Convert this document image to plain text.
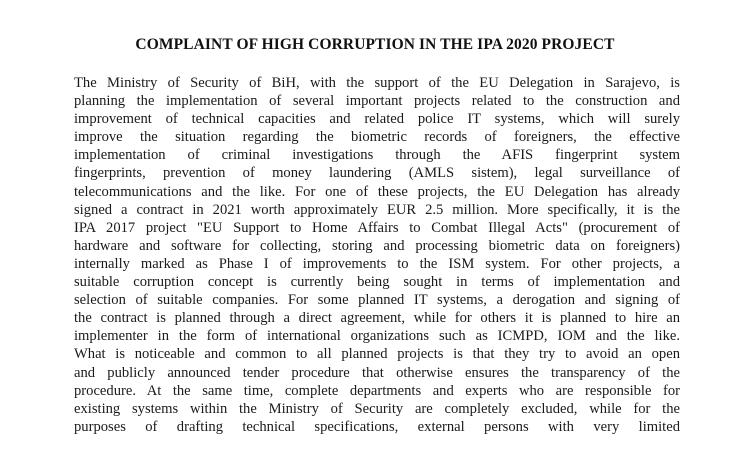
COMPLAINT OF HIGH CORRUPTION IN THE IPA 2020 PROJECT
The Ministry of Security of BiH, with the support of the EU Delegation in Sarajevo, is
planning the implementation of several important projects related to the construction and
improvement of technical capacities and related police IT systems, which will surely
improve the situation regarding the biometric records of foreigners, the effective
implementation of criminal investigations through the AFIS fingerprint system
fingerprints, prevention of money laundering (AMLS sistem), legal surveillance of
telecommunications and the like. For one of these projects, the EU Delegation has already
signed a contract in 2021 worth approximately EUR 2.5 million. More specifically, it is the
IPA 2017 project "EU Support to Home Affairs to Combat Illegal Acts" (procurement of
hardware and software for collecting, storing and processing biometric data on foreigners)
internally marked as Phase I of improvements to the ISM system. For other projects, a
suitable corruption concept is currently being sought in terms of implementation and
selection of suitable companies. For some planned IT systems, a derogation and signing of
the contract is planned through a direct agreement, while for others it is planned to hire an
implementer in the form of international organizations such as ICMPD, IOM and the like.
What is noticeable and common to all planned projects is that they try to avoid an open
and publicly announced tender procedure that otherwise ensures the transparency of the
procedure. At the same time, complete departments and experts who are responsible for
existing systems within the Ministry of Security are completely excluded, while for the
purposes of drafting technical specifications, external persons with very limited
